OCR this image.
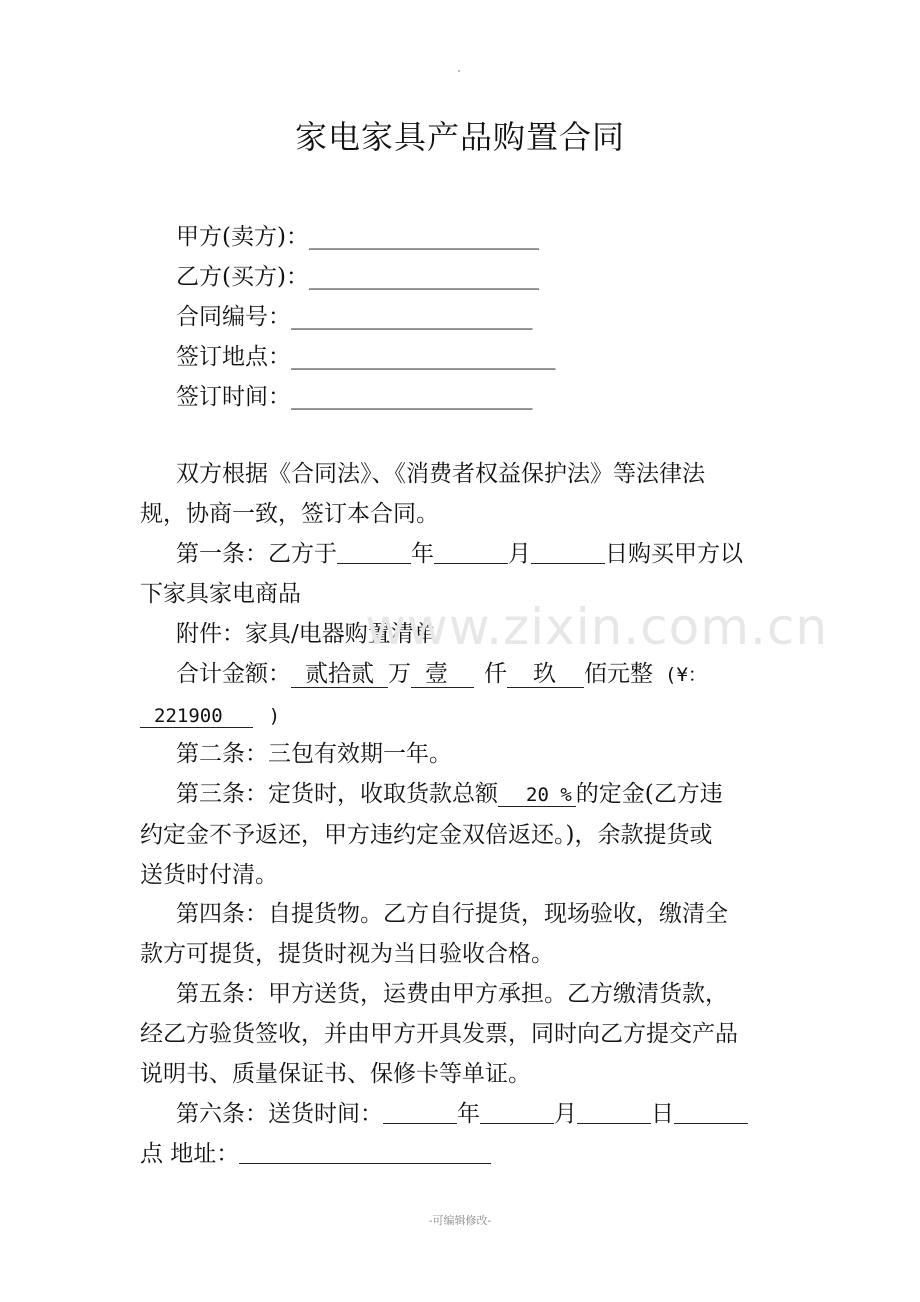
家电家具产品购置合同
甲方(卖方)：____________________
乙方(买方)：____________________
合同编号：_____________________
签订地点：_______________________
签订时间：_____________________
双方根据《合同法》、《消费者权益保护法》等法律法
规，协商一致，签订本合同。
第一条：乙方于	年	月	日购买甲方以
下家具家电商品
附件：家具/电器购置清单
合计金额： 贰拾贰 万 壹 仟 玖 佰元整 (¥：
221900 )
第二条：三包有效期一年。
第三条：定货时，收取货款总额 20 % 的定金(乙方违
约定金不予返还，甲方违约定金双倍返还。)，余款提货或
送货时付清。
第四条：自提货物。乙方自行提货，现场验收，缴清全
款方可提货，提货时视为当日验收合格。
第五条：甲方送货，运费由甲方承担。乙方缴清货款，
经乙方验货签收，并由甲方开具发票，同时向乙方提交产品
说明书、质量保证书、保修卡等单证。
第六条：送货时间：	年	月	日
点 地址：
www.zixin.com.cn
-可编辑修改-
